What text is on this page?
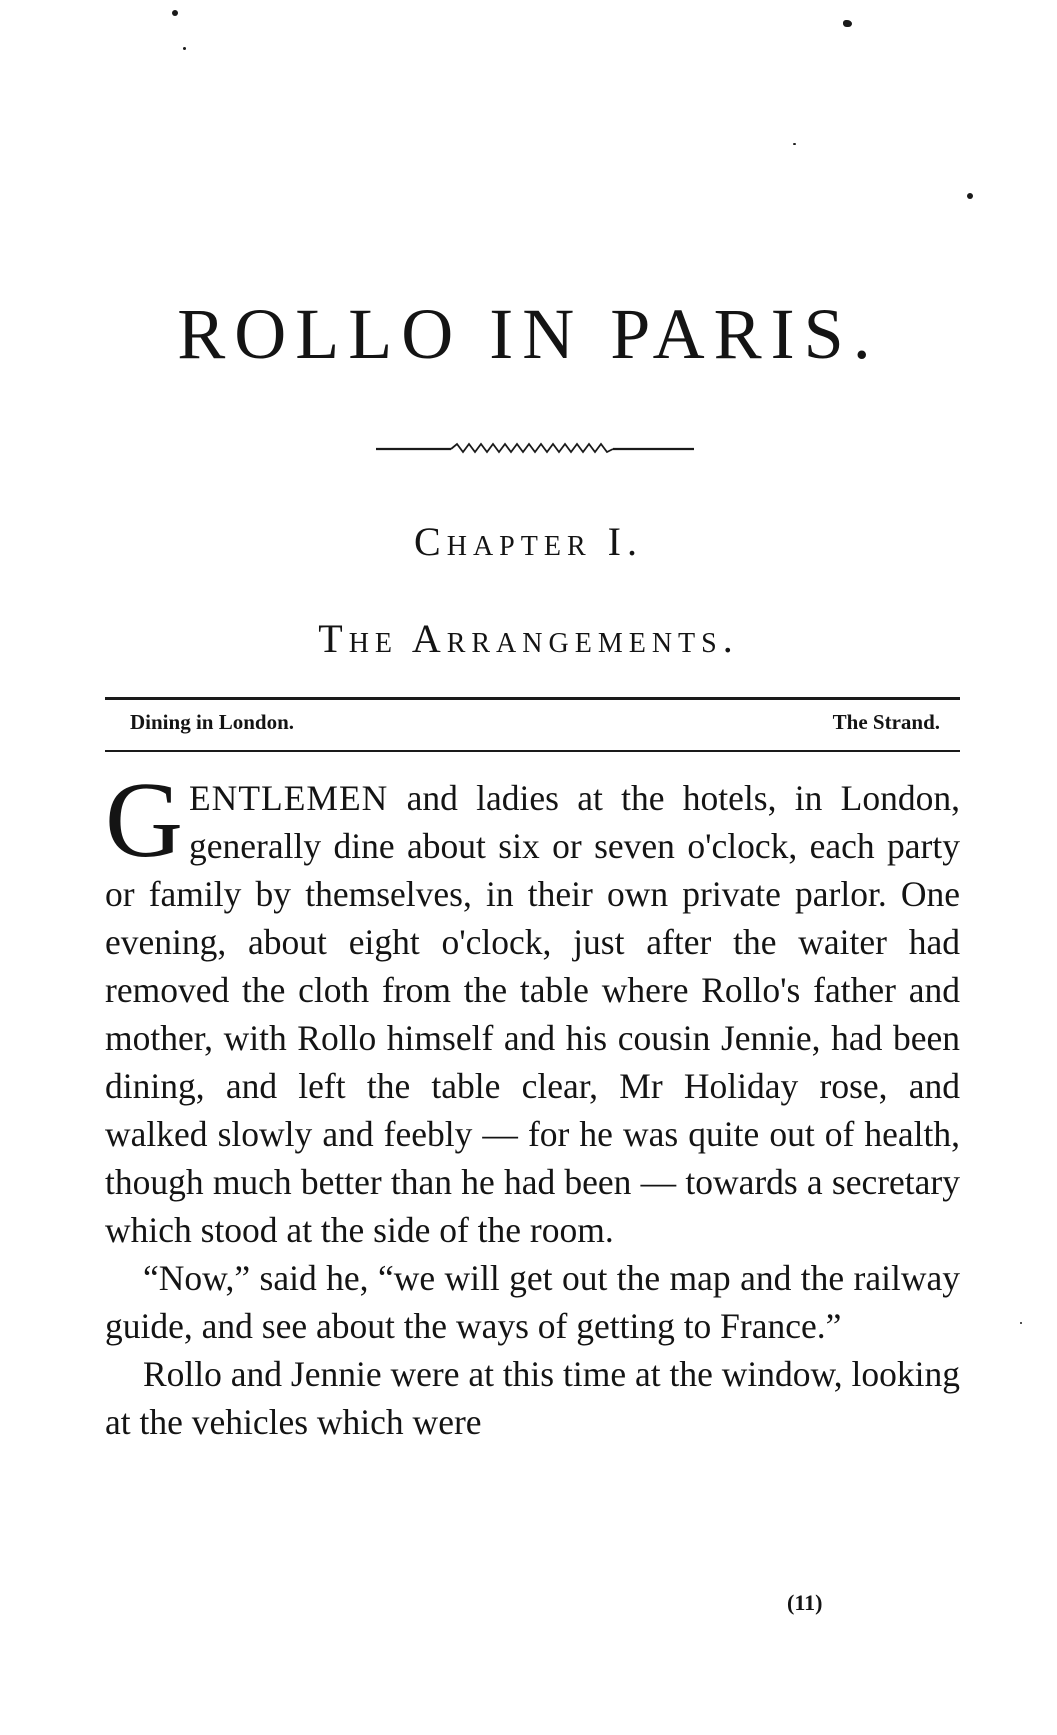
ROLLO IN PARIS.
Chapter I.
The Arrangements.
Dining in London.	The Strand.

GENTLEMEN and ladies at the hotels, in London, generally dine about six or seven o'clock, each party or family by themselves, in their own private parlor. One evening, about eight o'clock, just after the waiter had removed the cloth from the table where Rollo's father and mother, with Rollo himself and his cousin Jennie, had been dining, and left the table clear, Mr Holiday rose, and walked slowly and feebly — for he was quite out of health, though much better than he had been — towards a secretary which stood at the side of the room.

“Now,” said he, “we will get out the map and the railway guide, and see about the ways of getting to France.”

Rollo and Jennie were at this time at the window, looking at the vehicles which were

(11)
